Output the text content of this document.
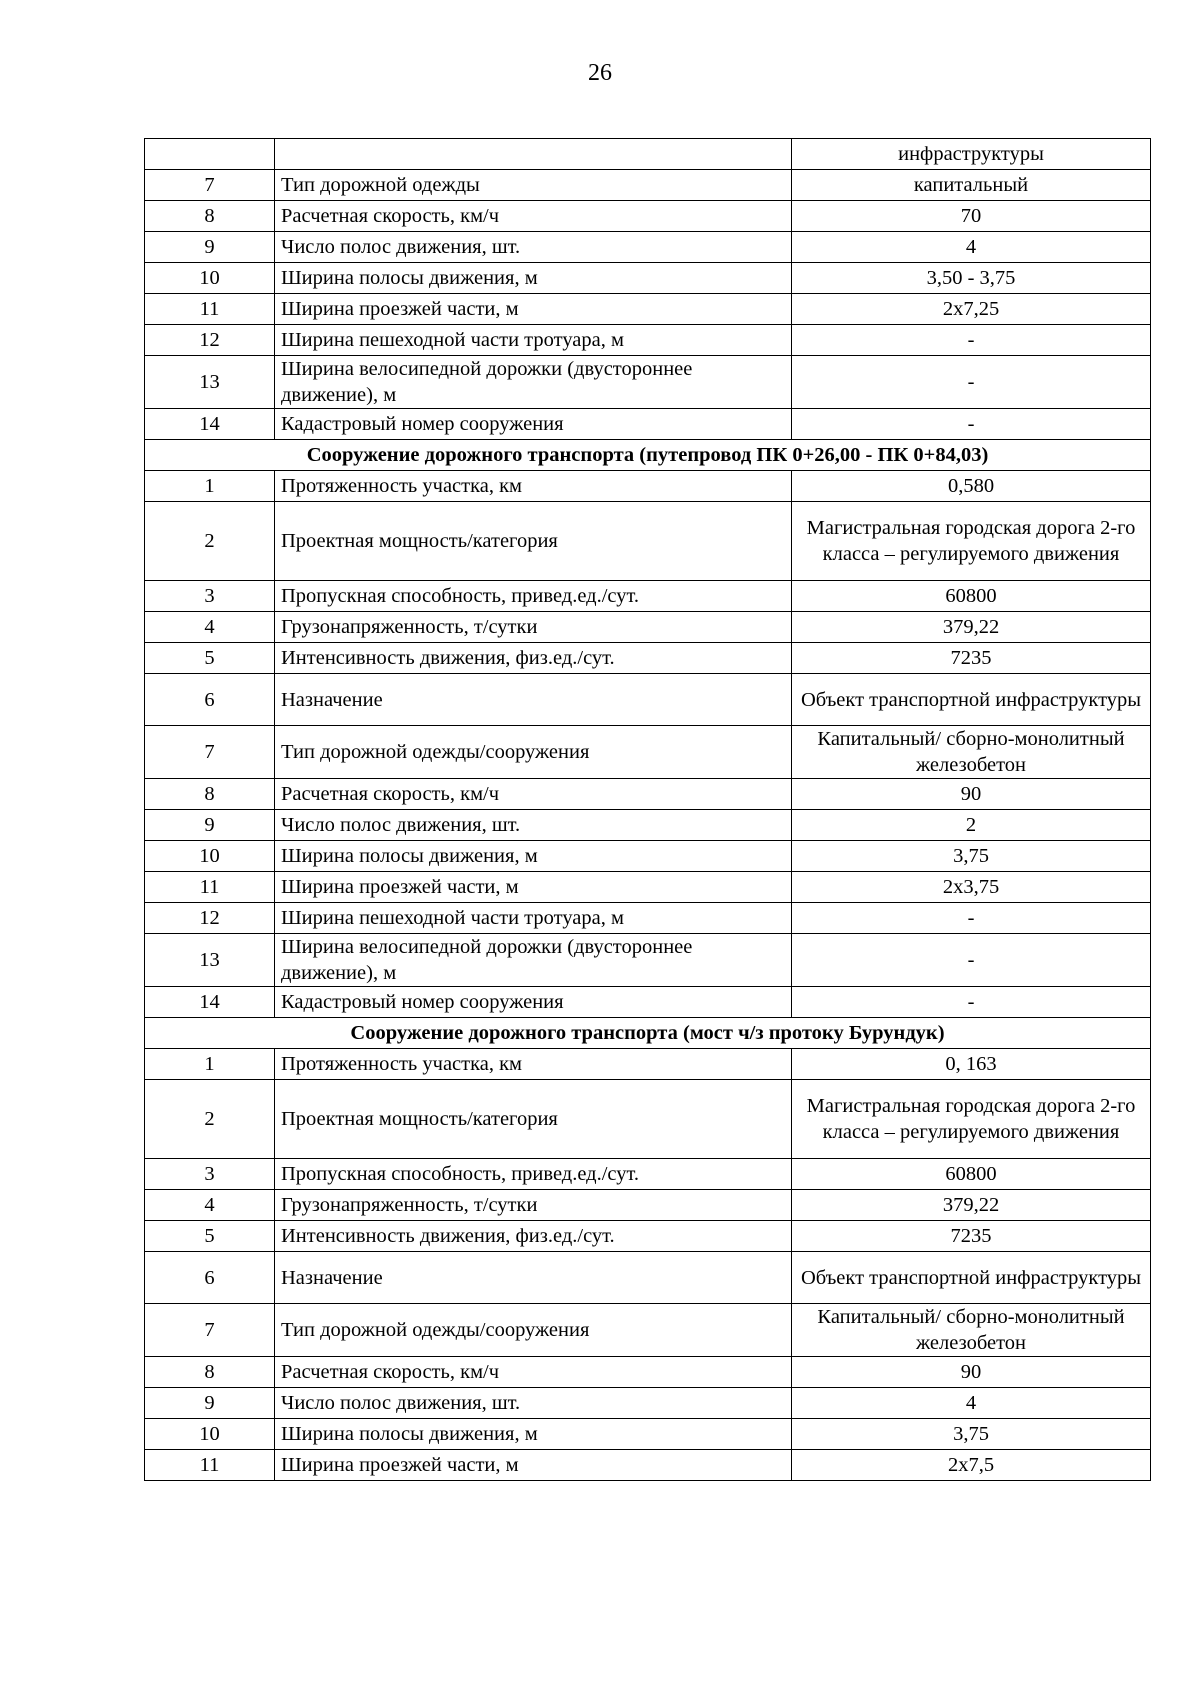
26
		инфраструктуры
7	Тип дорожной одежды	капитальный
8	Расчетная скорость, км/ч	70
9	Число полос движения, шт.	4
10	Ширина полосы движения, м	3,50 - 3,75
11	Ширина проезжей части, м	2х7,25
12	Ширина пешеходной части тротуара, м	-
13	Ширина велосипедной дорожки (двустороннее движение), м	-
14	Кадастровый номер сооружения	-
Сооружение дорожного транспорта (путепровод ПК 0+26,00 - ПК 0+84,03)		
1	Протяженность участка, км	0,580
2	Проектная мощность/категория	Магистральная городская дорога 2-го класса – регулируемого движения
3	Пропускная способность, привед.ед./сут.	60800
4	Грузонапряженность, т/сутки	379,22
5	Интенсивность движения, физ.ед./сут.	7235
6	Назначение	Объект транспортной инфраструктуры
7	Тип дорожной одежды/сооружения	Капитальный/ сборно-монолитный железобетон
8	Расчетная скорость, км/ч	90
9	Число полос движения, шт.	2
10	Ширина полосы движения, м	3,75
11	Ширина проезжей части, м	2х3,75
12	Ширина пешеходной части тротуара, м	-
13	Ширина велосипедной дорожки (двустороннее движение), м	-
14	Кадастровый номер сооружения	-
Сооружение дорожного транспорта (мост ч/з протоку Бурундук)		
1	Протяженность участка, км	0, 163
2	Проектная мощность/категория	Магистральная городская дорога 2-го класса – регулируемого движения
3	Пропускная способность, привед.ед./сут.	60800
4	Грузонапряженность, т/сутки	379,22
5	Интенсивность движения, физ.ед./сут.	7235
6	Назначение	Объект транспортной инфраструктуры
7	Тип дорожной одежды/сооружения	Капитальный/ сборно-монолитный железобетон
8	Расчетная скорость, км/ч	90
9	Число полос движения, шт.	4
10	Ширина полосы движения, м	3,75
11	Ширина проезжей части, м	2х7,5
